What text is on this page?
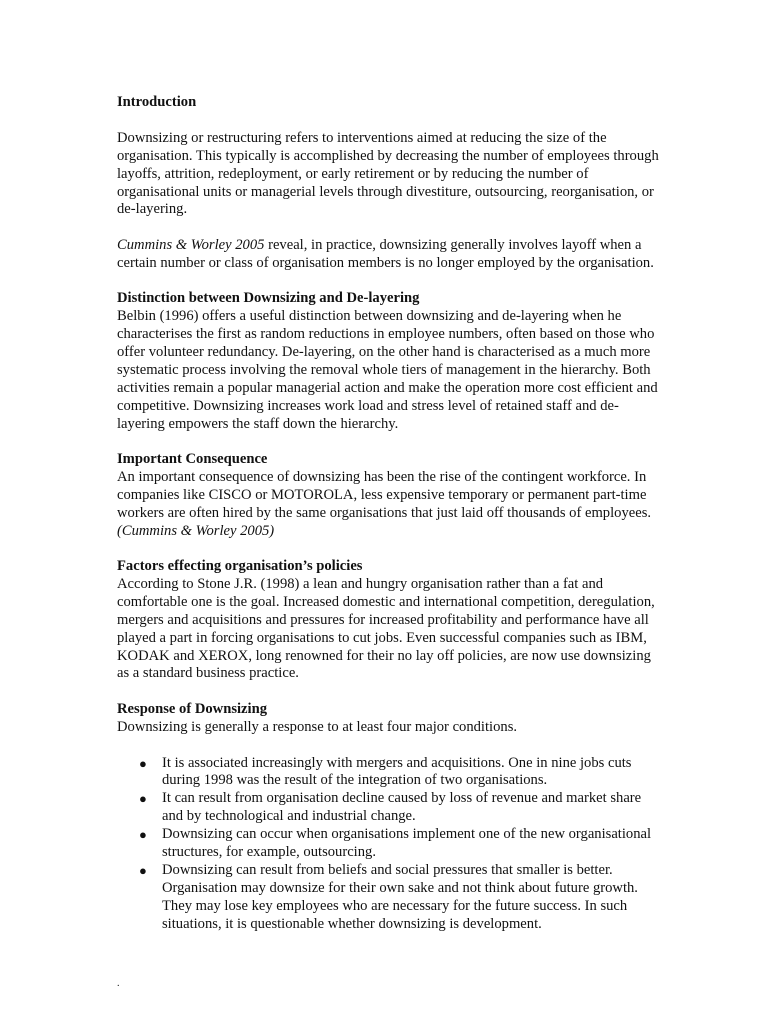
Introduction

Downsizing or restructuring refers to interventions aimed at reducing the size of the organisation. This typically is accomplished by decreasing the number of employees through layoffs, attrition, redeployment, or early retirement or by reducing the number of organisational units or managerial levels through divestiture, outsourcing, reorganisation, or de-layering.

Cummins & Worley 2005 reveal, in practice, downsizing generally involves layoff when a certain number or class of organisation members is no longer employed by the organisation.

Distinction between Downsizing and De-layering

Belbin (1996) offers a useful distinction between downsizing and de-layering when he characterises the first as random reductions in employee numbers, often based on those who offer volunteer redundancy. De-layering, on the other hand is characterised as a much more systematic process involving the removal whole tiers of management in the hierarchy. Both activities remain a popular managerial action and make the operation more cost efficient and competitive. Downsizing increases work load and stress level of retained staff and de-layering empowers the staff down the hierarchy.

Important Consequence

An important consequence of downsizing has been the rise of the contingent workforce. In companies like CISCO or MOTOROLA, less expensive temporary or permanent part-time workers are often hired by the same organisations that just laid off thousands of employees. (Cummins & Worley 2005)

Factors effecting organisation’s policies

According to Stone J.R. (1998) a lean and hungry organisation rather than a fat and comfortable one is the goal. Increased domestic and international competition, deregulation, mergers and acquisitions and pressures for increased profitability and performance have all played a part in forcing organisations to cut jobs. Even successful companies such as IBM, KODAK and XEROX, long renowned for their no lay off policies, are now use downsizing as a standard business practice.

Response of Downsizing

Downsizing is generally a response to at least four major conditions.

● It is associated increasingly with mergers and acquisitions. One in nine jobs cuts during 1998 was the result of the integration of two organisations.
● It can result from organisation decline caused by loss of revenue and market share and by technological and industrial change.
● Downsizing can occur when organisations implement one of the new organisational structures, for example, outsourcing.
● Downsizing can result from beliefs and social pressures that smaller is better. Organisation may downsize for their own sake and not think about future growth. They may lose key employees who are necessary for the future success. In such situations, it is questionable whether downsizing is development.
.
